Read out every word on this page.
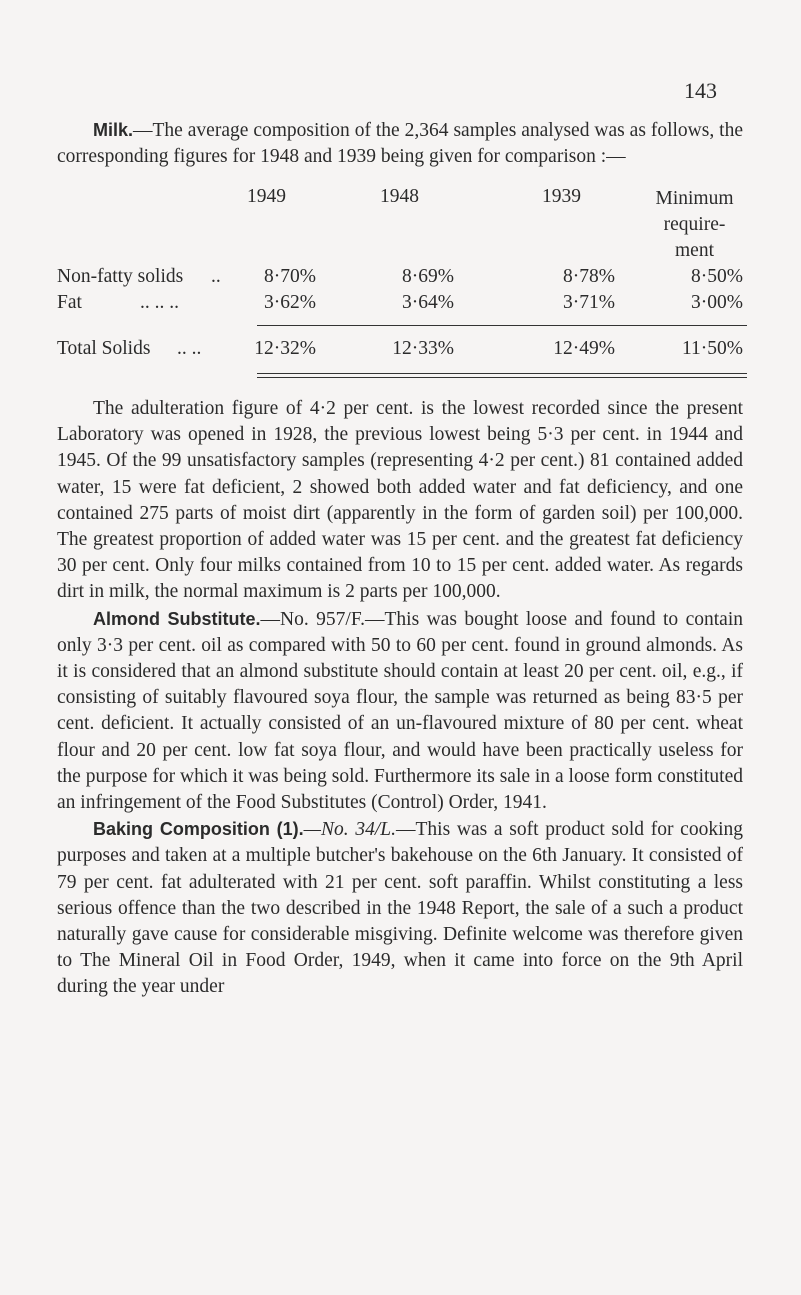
143

Milk.—The average composition of the 2,364 samples analysed was as follows, the corresponding figures for 1948 and 1939 being given for comparison :—

1949	1948	1939	Minimum
require-
ment
Non-fatty solids ..	8·70%	8·69%	8·78%	8·50%
Fat	.. .. ..	3·62%	3·64%	3·71%	3·00%
Total Solids .. ..	12·32%	12·33%	12·49%	11·50%

The adulteration figure of 4·2 per cent. is the lowest recorded since the present Laboratory was opened in 1928, the previous lowest being 5·3 per cent. in 1944 and 1945. Of the 99 unsatisfactory samples (representing 4·2 per cent.) 81 contained added water, 15 were fat deficient, 2 showed both added water and fat deficiency, and one contained 275 parts of moist dirt (apparently in the form of garden soil) per 100,000. The greatest proportion of added water was 15 per cent. and the greatest fat deficiency 30 per cent. Only four milks contained from 10 to 15 per cent. added water. As regards dirt in milk, the normal maximum is 2 parts per 100,000.

Almond Substitute.—No. 957/F.—This was bought loose and found to contain only 3·3 per cent. oil as compared with 50 to 60 per cent. found in ground almonds. As it is considered that an almond substitute should contain at least 20 per cent. oil, e.g., if consisting of suitably flavoured soya flour, the sample was returned as being 83·5 per cent. deficient. It actually consisted of an un-flavoured mixture of 80 per cent. wheat flour and 20 per cent. low fat soya flour, and would have been practically useless for the purpose for which it was being sold. Furthermore its sale in a loose form constituted an infringement of the Food Substitutes (Control) Order, 1941.

Baking Composition (1).—No. 34/L.—This was a soft product sold for cooking purposes and taken at a multiple butcher's bakehouse on the 6th January. It consisted of 79 per cent. fat adulterated with 21 per cent. soft paraffin. Whilst constituting a less serious offence than the two described in the 1948 Report, the sale of a such a product naturally gave cause for considerable misgiving. Definite welcome was therefore given to The Mineral Oil in Food Order, 1949, when it came into force on the 9th April during the year under
